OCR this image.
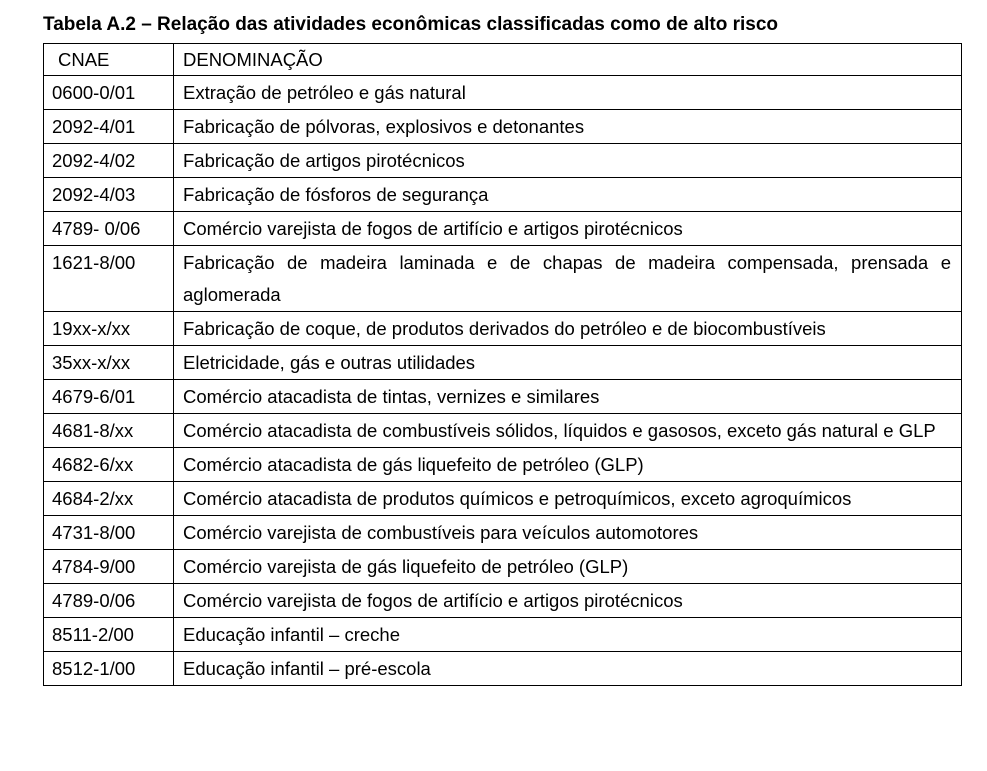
Tabela A.2 – Relação das atividades econômicas classificadas como de alto risco
CNAE	DENOMINAÇÃO
0600-0/01	Extração de petróleo e gás natural
2092-4/01	Fabricação de pólvoras, explosivos e detonantes
2092-4/02	Fabricação de artigos pirotécnicos
2092-4/03	Fabricação de fósforos de segurança
4789- 0/06	Comércio varejista de fogos de artifício e artigos pirotécnicos
1621-8/00	Fabricação de madeira laminada e de chapas de madeira compensada, prensada e aglomerada
19xx-x/xx	Fabricação de coque, de produtos derivados do petróleo e de biocombustíveis
35xx-x/xx	Eletricidade, gás e outras utilidades
4679-6/01	Comércio atacadista de tintas, vernizes e similares
4681-8/xx	Comércio atacadista de combustíveis sólidos, líquidos e gasosos, exceto gás natural e GLP
4682-6/xx	Comércio atacadista de gás liquefeito de petróleo (GLP)
4684-2/xx	Comércio atacadista de produtos químicos e petroquímicos, exceto agroquímicos
4731-8/00	Comércio varejista de combustíveis para veículos automotores
4784-9/00	Comércio varejista de gás liquefeito de petróleo (GLP)
4789-0/06	Comércio varejista de fogos de artifício e artigos pirotécnicos
8511-2/00	Educação infantil – creche
8512-1/00	Educação infantil – pré-escola
